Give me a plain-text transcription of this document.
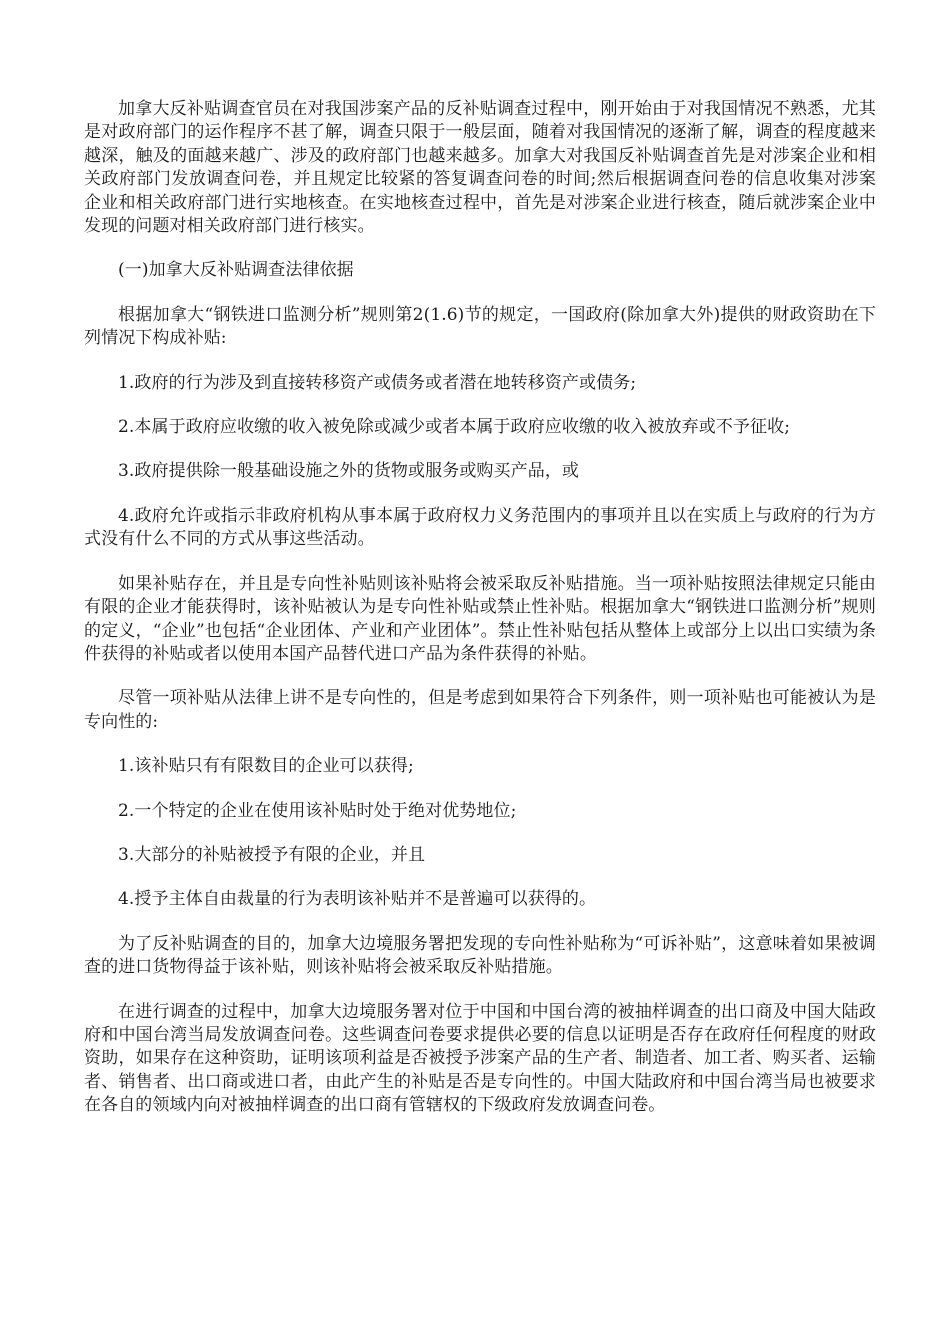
加拿大反补贴调查官员在对我国涉案产品的反补贴调查过程中，刚开始由于对我国情况不熟悉，尤其是对政府部门的运作程序不甚了解，调查只限于一般层面，随着对我国情况的逐渐了解，调查的程度越来越深，触及的面越来越广、涉及的政府部门也越来越多。加拿大对我国反补贴调查首先是对涉案企业和相关政府部门发放调查问卷，并且规定比较紧的答复调查问卷的时间;然后根据调查问卷的信息收集对涉案企业和相关政府部门进行实地核查。在实地核查过程中，首先是对涉案企业进行核查，随后就涉案企业中发现的问题对相关政府部门进行核实。

(一)加拿大反补贴调查法律依据

根据加拿大“钢铁进口监测分析”规则第2(1.6)节的规定，一国政府(除加拿大外)提供的财政资助在下列情况下构成补贴:

1.政府的行为涉及到直接转移资产或债务或者潜在地转移资产或债务;

2.本属于政府应收缴的收入被免除或减少或者本属于政府应收缴的收入被放弃或不予征收;

3.政府提供除一般基础设施之外的货物或服务或购买产品，或

4.政府允许或指示非政府机构从事本属于政府权力义务范围内的事项并且以在实质上与政府的行为方式没有什么不同的方式从事这些活动。

如果补贴存在，并且是专向性补贴则该补贴将会被采取反补贴措施。当一项补贴按照法律规定只能由有限的企业才能获得时，该补贴被认为是专向性补贴或禁止性补贴。根据加拿大“钢铁进口监测分析”规则的定义，“企业”也包括“企业团体、产业和产业团体”。禁止性补贴包括从整体上或部分上以出口实绩为条件获得的补贴或者以使用本国产品替代进口产品为条件获得的补贴。

尽管一项补贴从法律上讲不是专向性的，但是考虑到如果符合下列条件，则一项补贴也可能被认为是专向性的:

1.该补贴只有有限数目的企业可以获得;

2.一个特定的企业在使用该补贴时处于绝对优势地位;

3.大部分的补贴被授予有限的企业，并且

4.授予主体自由裁量的行为表明该补贴并不是普遍可以获得的。

为了反补贴调查的目的，加拿大边境服务署把发现的专向性补贴称为“可诉补贴”，这意味着如果被调查的进口货物得益于该补贴，则该补贴将会被采取反补贴措施。

在进行调查的过程中，加拿大边境服务署对位于中国和中国台湾的被抽样调查的出口商及中国大陆政府和中国台湾当局发放调查问卷。这些调查问卷要求提供必要的信息以证明是否存在政府任何程度的财政资助，如果存在这种资助，证明该项利益是否被授予涉案产品的生产者、制造者、加工者、购买者、运输者、销售者、出口商或进口者，由此产生的补贴是否是专向性的。中国大陆政府和中国台湾当局也被要求在各自的领域内向对被抽样调查的出口商有管辖权的下级政府发放调查问卷。
